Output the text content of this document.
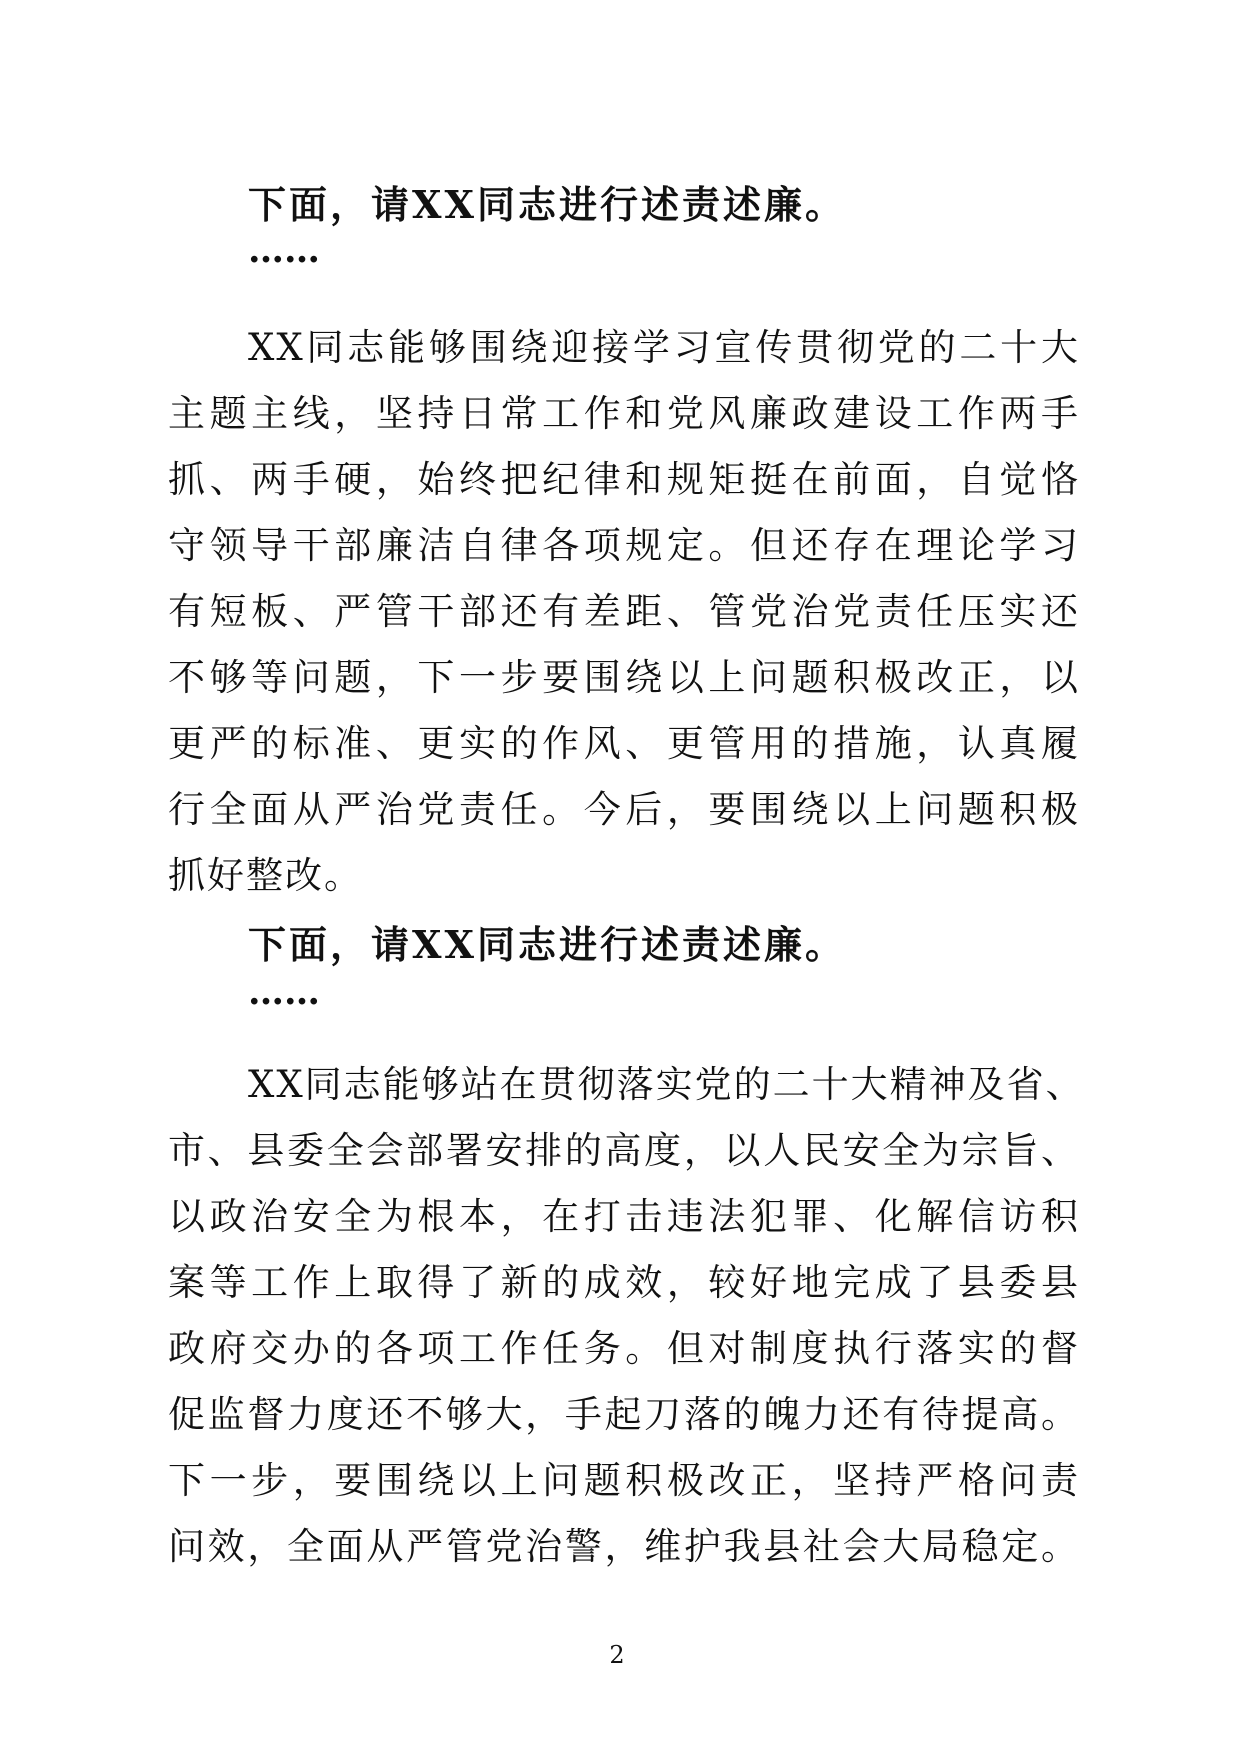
下面，请XX同志进行述责述廉。
……
XX同志能够围绕迎接学习宣传贯彻党的二十大
主题主线，坚持日常工作和党风廉政建设工作两手
抓、两手硬，始终把纪律和规矩挺在前面，自觉恪
守领导干部廉洁自律各项规定。但还存在理论学习
有短板、严管干部还有差距、管党治党责任压实还
不够等问题，下一步要围绕以上问题积极改正，以
更严的标准、更实的作风、更管用的措施，认真履
行全面从严治党责任。今后，要围绕以上问题积极
抓好整改。
下面，请XX同志进行述责述廉。
……
XX同志能够站在贯彻落实党的二十大精神及省、
市、县委全会部署安排的高度，以人民安全为宗旨、
以政治安全为根本，在打击违法犯罪、化解信访积
案等工作上取得了新的成效，较好地完成了县委县
政府交办的各项工作任务。但对制度执行落实的督
促监督力度还不够大，手起刀落的魄力还有待提高。
下一步，要围绕以上问题积极改正，坚持严格问责
问效，全面从严管党治警，维护我县社会大局稳定。
2
